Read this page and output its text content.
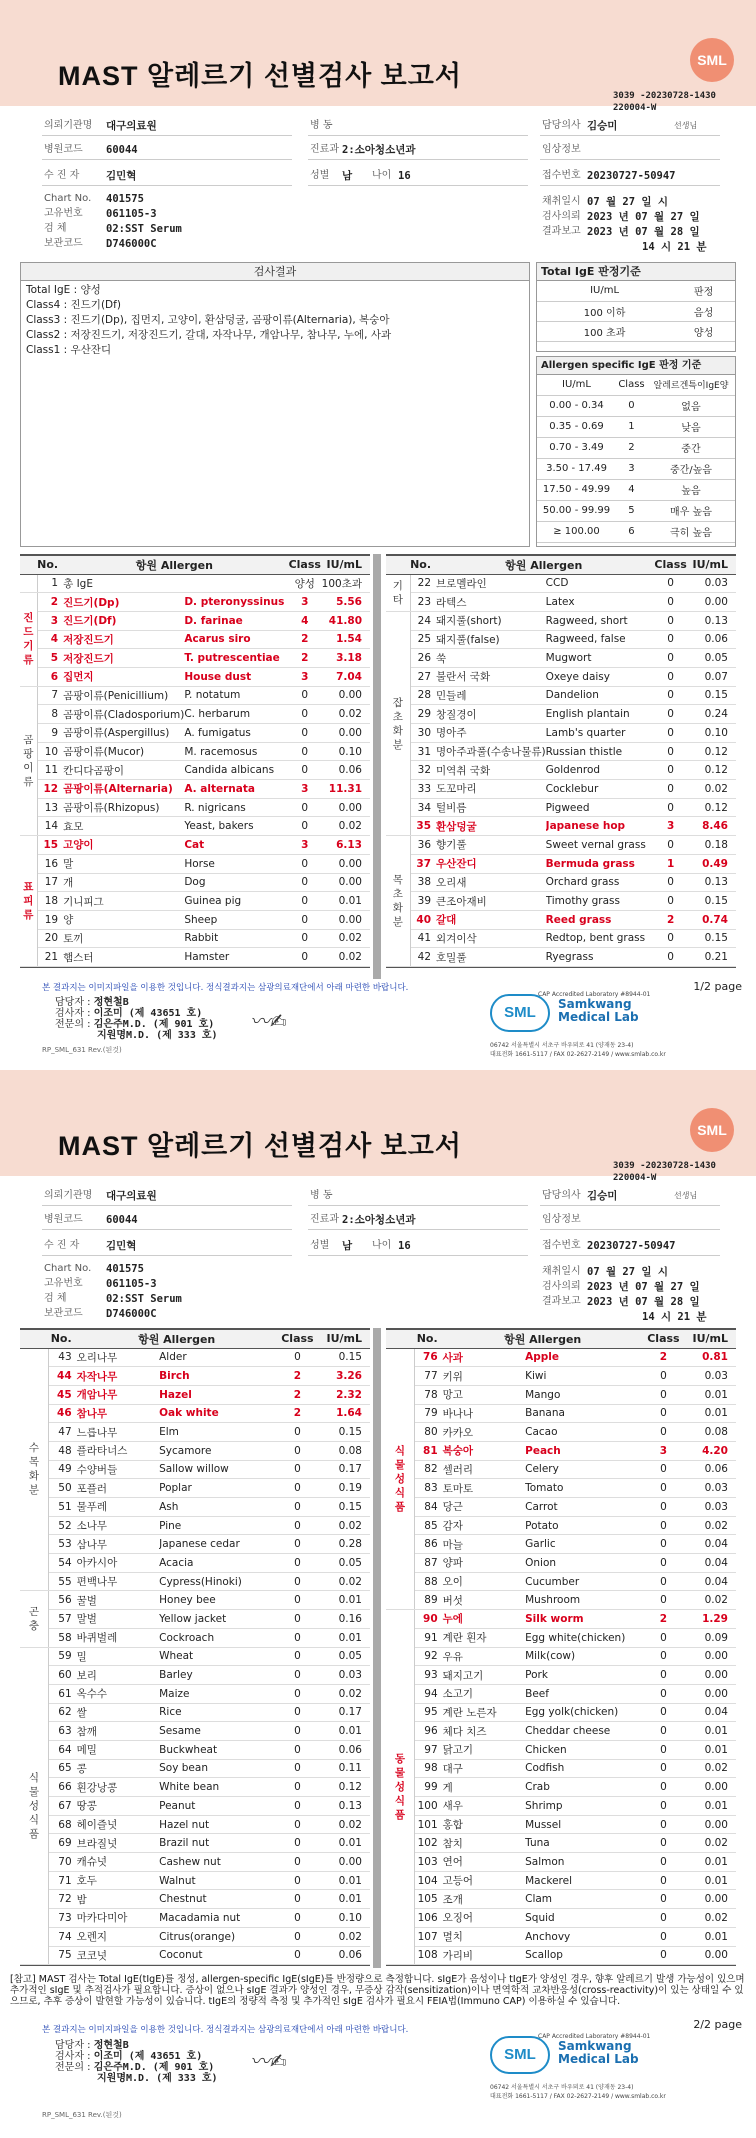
MAST 알레르기 선별검사 보고서
SML
3039 -20230728-1430
220004-W
의뢰기관명 대구의료원
병원코드 60044
수 진 자	김민혁
Chart No. 401575
고유번호 061105-3
검 체	02:SST Serum
보관코드 D746000C
병 동
진료과 2:소아청소년과
성별 남 나이 16
담당의사 김승미	선생님
임상정보
접수번호 20230727-50947
채취일시 07 월 27 일 시
검사의뢰 2023 년 07 월 27 일
결과보고 2023 년 07 월 28 일
14 시 21 분
검사결과
Total IgE : 양성
Class4 : 진드기(Df)
Class3 : 진드기(Dp), 집먼지, 고양이, 환삼덩굴, 곰팡이류(Alternaria), 복숭아
Class2 : 저장진드기, 저장진드기, 갈대, 자작나무, 개암나무, 참나무, 누에, 사과
Class1 : 우산잔디
Total IgE 판정기준
IU/mL	판정
100 이하	음성
100 초과	양성
Allergen specific IgE 판정 기준
IU/mL	Class	알레르겐특이IgE양
0.00 - 0.34	0	없음
0.35 - 0.69	1	낮음
0.70 - 3.49	2	중간
3.50 - 17.49	3	중간/높음
17.50 - 49.99	4	높음
50.00 - 99.99	5	매우 높음
≥ 100.00	6	극히 높음
	No.	항원 Allergen		Class	IU/mL
	1	총 IgE		양성	100초과
진
드
기
류	2	진드기(Dp)	D. pteronyssinus	3	5.56
	3	진드기(Df)	D. farinae	4	41.80
	4	저장진드기	Acarus siro	2	1.54
	5	저장진드기	T. putrescentiae	2	3.18
	6	집먼지	House dust	3	7.04
곰
팡
이
류	7	곰팡이류(Penicillium)	P. notatum	0	0.00
	8	곰팡이류(Cladosporium)	C. herbarum	0	0.02
	9	곰팡이류(Aspergillus)	A. fumigatus	0	0.00
	10	곰팡이류(Mucor)	M. racemosus	0	0.10
	11	칸디다곰팡이	Candida albicans	0	0.06
	12	곰팡이류(Alternaria)	A. alternata	3	11.31
	13	곰팡이류(Rhizopus)	R. nigricans	0	0.00
	14	효모	Yeast, bakers	0	0.02
표
피
류	15	고양이	Cat	3	6.13
	16	말	Horse	0	0.00
	17	개	Dog	0	0.00
	18	기니피그	Guinea pig	0	0.01
	19	양	Sheep	0	0.00
	20	토끼	Rabbit	0	0.02
	21	햄스터	Hamster	0	0.02
	No.	항원 Allergen		Class	IU/mL
기
타	22	브로멜라인	CCD	0	0.03
	23	라텍스	Latex	0	0.00
잡
초
화
분	24	돼지풀(short)	Ragweed, short	0	0.13
	25	돼지풀(false)	Ragweed, false	0	0.06
	26	쑥	Mugwort	0	0.05
	27	불란서 국화	Oxeye daisy	0	0.07
	28	민들레	Dandelion	0	0.15
	29	창질경이	English plantain	0	0.24
	30	명아주	Lamb's quarter	0	0.10
	31	명아주과풀(수송나물류)	Russian thistle	0	0.12
	32	미역취 국화	Goldenrod	0	0.12
	33	도꼬마리	Cocklebur	0	0.02
	34	털비름	Pigweed	0	0.12
	35	환삼덩굴	Japanese hop	3	8.46
목
초
화
분	36	향기풀	Sweet vernal grass	0	0.18
	37	우산잔디	Bermuda grass	1	0.49
	38	오리새	Orchard grass	0	0.13
	39	큰조아재비	Timothy grass	0	0.15
	40	갈대	Reed grass	2	0.74
	41	외겨이삭	Redtop, bent grass	0	0.15
	42	호밀풀	Ryegrass	0	0.21
본 결과지는 이미지파일을 이용한 것입니다. 정식결과지는 삼광의료재단에서 아래 마련한 바랍니다.
CAP Accredited Laboratory #8944-01
1/2 page
담당자 : 정현철B
검사자 : 이조미 (제 43651 호)
전문의 : 김은주M.D. (제 901 호)
지원명M.D. (제 333 호)
〰✍	SML	Samkwang
Medical Lab
06742 서울특별시 서초구 바우뫼로 41 (양재동 23-4)
대표전화 1661-5117 / FAX 02-2627-2149 / www.smlab.co.kr
RP_SML_631 Rev.(된것)
MAST 알레르기 선별검사 보고서
SML
3039 -20230728-1430
220004-W
의뢰기관명 대구의료원
병원코드 60044
수 진 자	김민혁
Chart No. 401575
고유번호 061105-3
검 체	02:SST Serum
보관코드 D746000C
병 동
진료과 2:소아청소년과
성별 남 나이 16
담당의사 김승미	선생님
임상정보
접수번호 20230727-50947
채취일시 07 월 27 일 시
검사의뢰 2023 년 07 월 27 일
결과보고 2023 년 07 월 28 일
14 시 21 분
	No.	항원 Allergen		Class	IU/mL
수
목
화
분	43	오리나무	Alder	0	0.15
	44	자작나무	Birch	2	3.26
	45	개암나무	Hazel	2	2.32
	46	참나무	Oak white	2	1.64
	47	느릅나무	Elm	0	0.15
	48	플라타너스	Sycamore	0	0.08
	49	수양버들	Sallow willow	0	0.17
	50	포플러	Poplar	0	0.19
	51	물푸레	Ash	0	0.15
	52	소나무	Pine	0	0.02
	53	삼나무	Japanese cedar	0	0.28
	54	아카시아	Acacia	0	0.05
	55	편백나무	Cypress(Hinoki)	0	0.02
곤
충	56	꿀벌	Honey bee	0	0.01
	57	말벌	Yellow jacket	0	0.16
	58	바퀴벌레	Cockroach	0	0.01
식
물
성
식
품	59	밀	Wheat	0	0.05
	60	보리	Barley	0	0.03
	61	옥수수	Maize	0	0.02
	62	쌀	Rice	0	0.17
	63	참깨	Sesame	0	0.01
	64	메밀	Buckwheat	0	0.06
	65	콩	Soy bean	0	0.11
	66	흰강낭콩	White bean	0	0.12
	67	땅콩	Peanut	0	0.13
	68	헤이즐넛	Hazel nut	0	0.02
	69	브라질넛	Brazil nut	0	0.01
	70	캐슈넛	Cashew nut	0	0.00
	71	호두	Walnut	0	0.01
	72	밤	Chestnut	0	0.01
	73	마카다미아	Macadamia nut	0	0.10
	74	오렌지	Citrus(orange)	0	0.02
	75	코코넛	Coconut	0	0.06
	No.	항원 Allergen		Class	IU/mL
식
물
성
식
품	76	사과	Apple	2	0.81
	77	키위	Kiwi	0	0.03
	78	망고	Mango	0	0.01
	79	바나나	Banana	0	0.01
	80	카카오	Cacao	0	0.08
	81	복숭아	Peach	3	4.20
	82	셀러리	Celery	0	0.06
	83	토마토	Tomato	0	0.03
	84	당근	Carrot	0	0.03
	85	감자	Potato	0	0.02
	86	마늘	Garlic	0	0.04
	87	양파	Onion	0	0.04
	88	오이	Cucumber	0	0.04
	89	버섯	Mushroom	0	0.02
동
물
성
식
품	90	누에	Silk worm	2	1.29
	91	계란 흰자	Egg white(chicken)	0	0.09
	92	우유	Milk(cow)	0	0.00
	93	돼지고기	Pork	0	0.00
	94	소고기	Beef	0	0.00
	95	계란 노른자	Egg yolk(chicken)	0	0.04
	96	체다 치즈	Cheddar cheese	0	0.01
	97	닭고기	Chicken	0	0.01
	98	대구	Codfish	0	0.02
	99	게	Crab	0	0.00
	100	새우	Shrimp	0	0.01
	101	홍합	Mussel	0	0.00
	102	참치	Tuna	0	0.02
	103	연어	Salmon	0	0.01
	104	고등어	Mackerel	0	0.01
	105	조개	Clam	0	0.00
	106	오징어	Squid	0	0.02
	107	멸치	Anchovy	0	0.01
	108	가리비	Scallop	0	0.00
[참고] MAST 검사는 Total IgE(tIgE)를 정성, allergen-specific IgE(sIgE)를 반정량으로 측정합니다. sIgE가 음성이나 tIgE가 양성인 경우, 향후 알레르기 발생 가능성이 있으며 추가적인 sIgE 및 추적검사가 필요합니다. 증상이 없으나 sIgE 결과가 양성인 경우, 무증상 감작(sensitization)이나 면역학적 교차반응성(cross-reactivity)이 있는 상태일 수 있으므로, 추후 증상이 발현할 가능성이 있습니다. tIgE의 정량적 측정 및 추가적인 sIgE 검사가 필요시 FEIA법(Immuno CAP) 이용하실 수 있습니다.
본 결과지는 이미지파일을 이용한 것입니다. 정식결과지는 삼광의료재단에서 아래 마련한 바랍니다.
CAP Accredited Laboratory #8944-01
2/2 page
담당자 : 정현철B
검사자 : 이조미 (제 43651 호)
전문의 : 김은주M.D. (제 901 호)
지원명M.D. (제 333 호)
〰✍	SML	Samkwang
Medical Lab
06742 서울특별시 서초구 바우뫼로 41 (양재동 23-4)
대표전화 1661-5117 / FAX 02-2627-2149 / www.smlab.co.kr
RP_SML_631 Rev.(된것)
